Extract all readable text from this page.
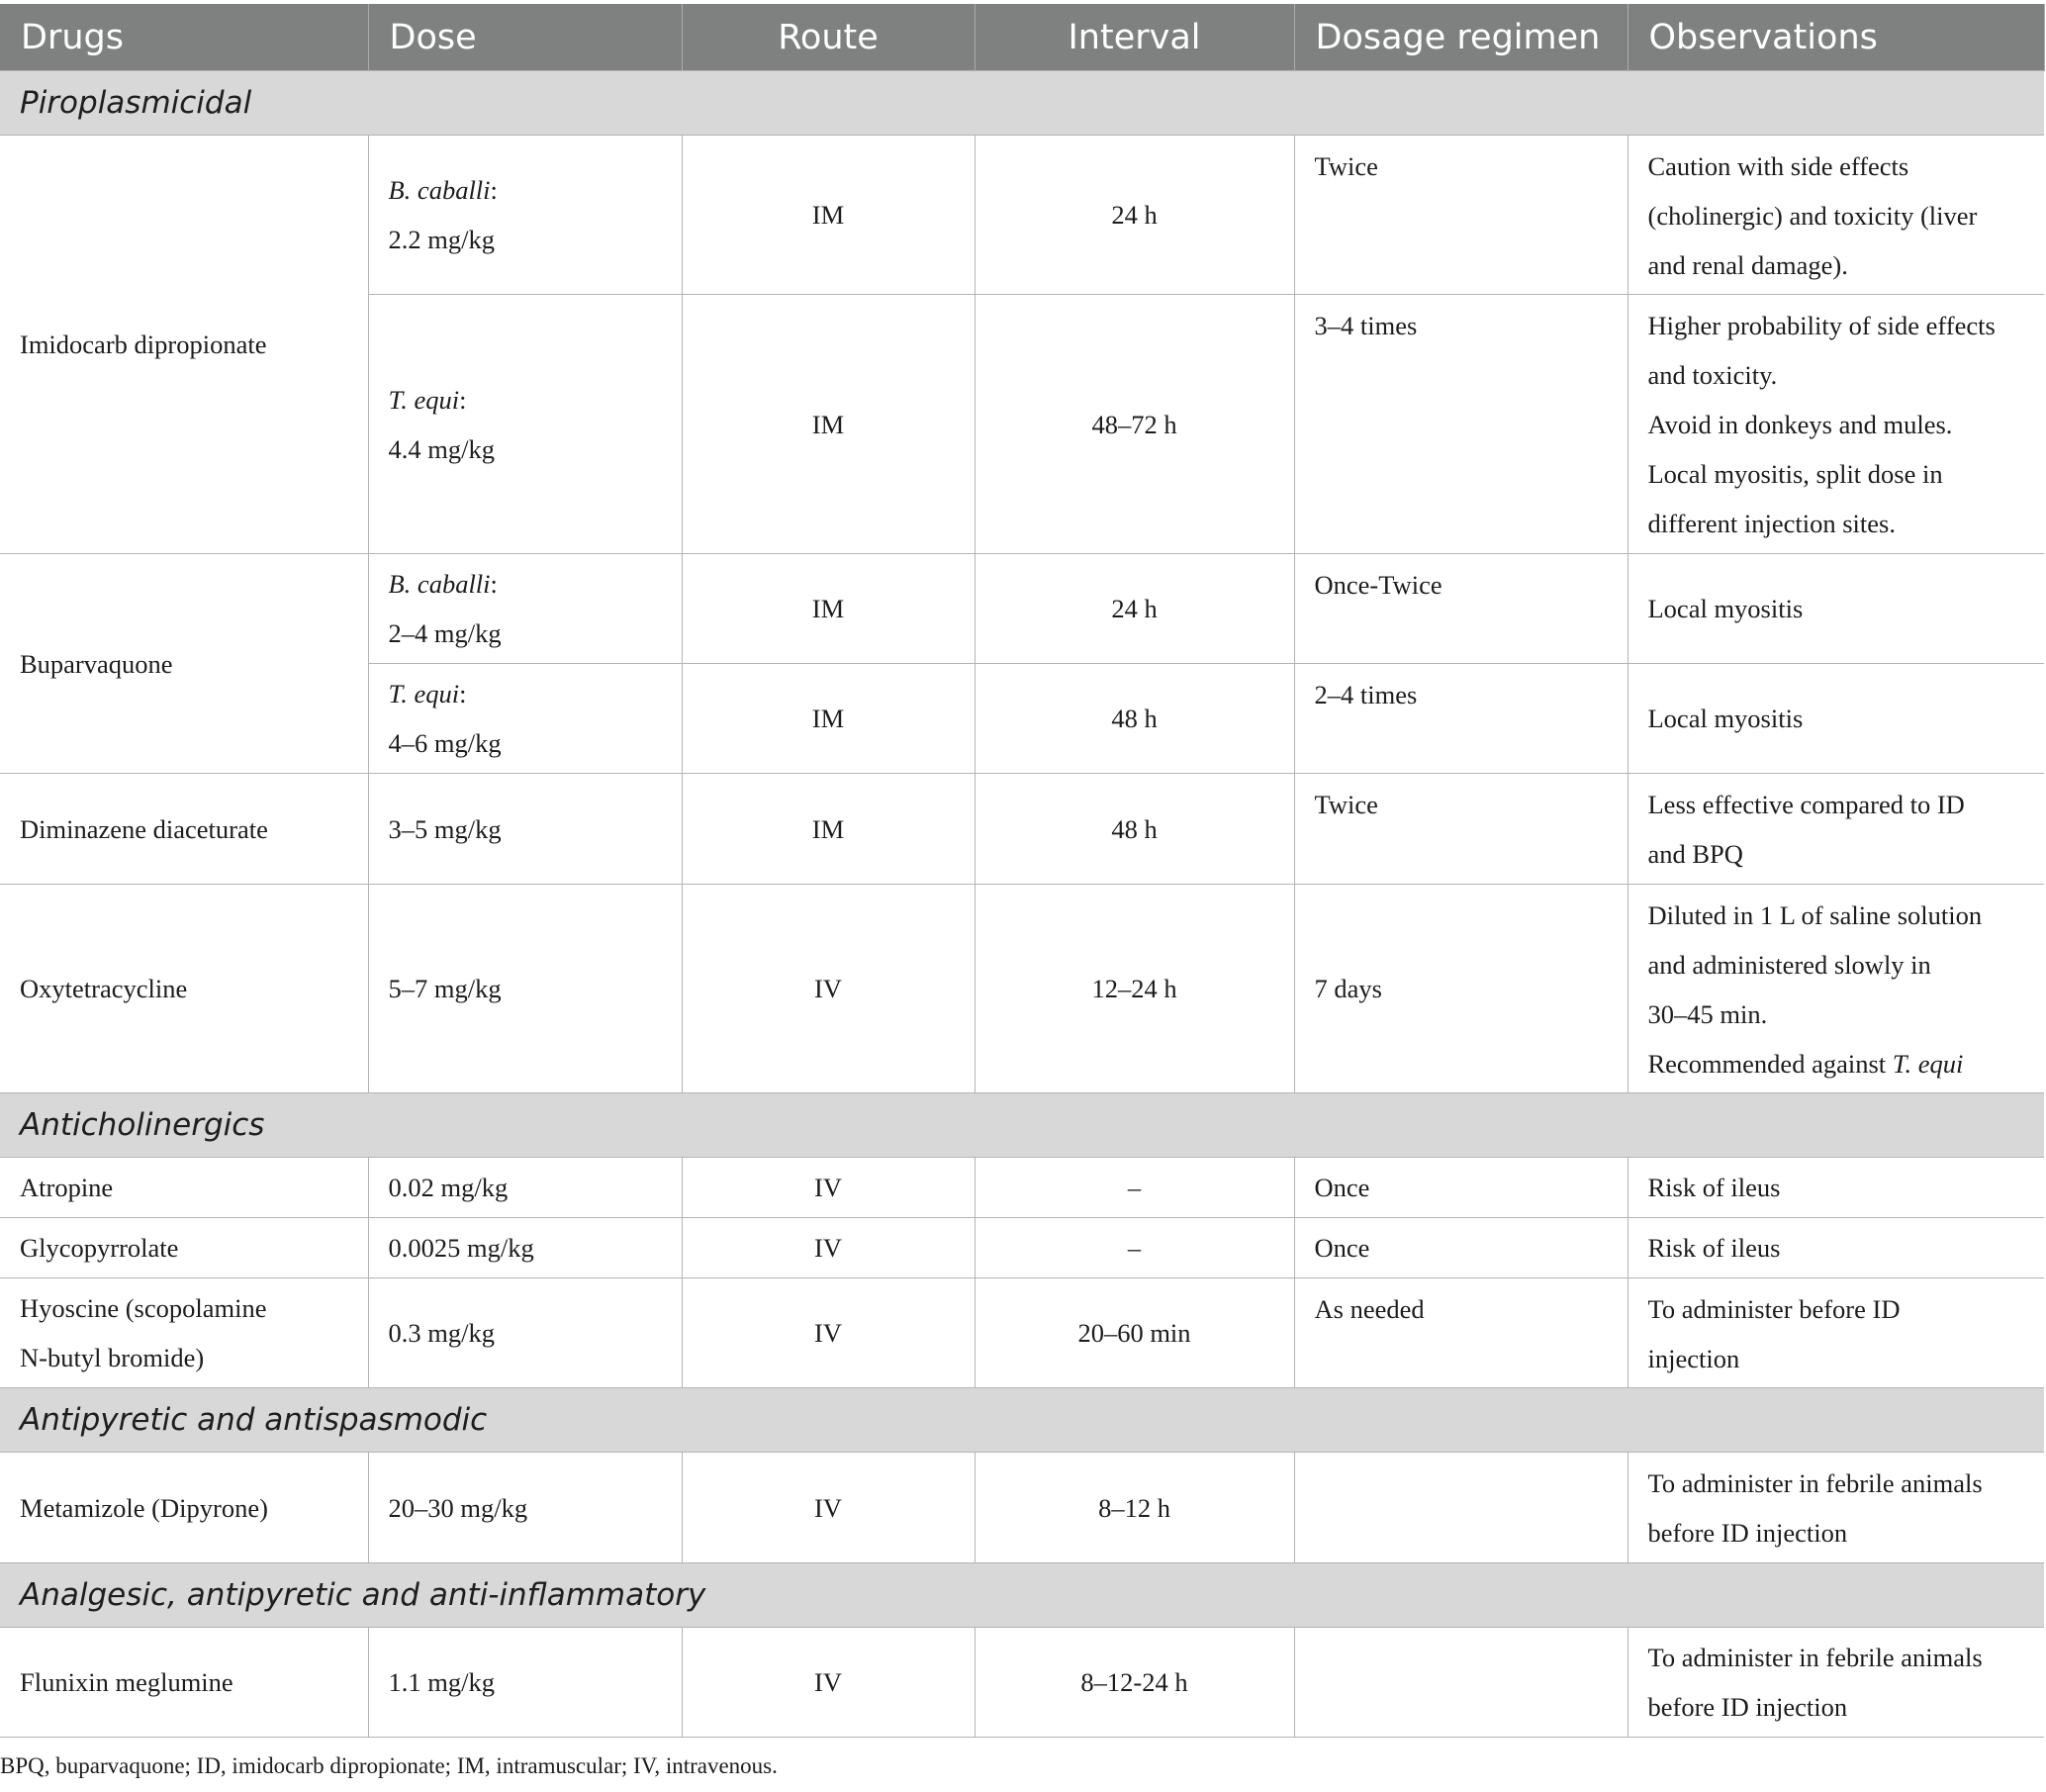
Drugs	Dose	Route	Interval	Dosage regimen	Observations
Piroplasmicidal					
Imidocarb dipropionate	B. caballi:
2.2 mg/kg	IM	24 h	Twice	Caution with side effects
(cholinergic) and toxicity (liver
and renal damage).

	T. equi:
4.4 mg/kg	IM	48–72 h	3–4 times	Higher probability of side effects
and toxicity.
Avoid in donkeys and mules.
Local myositis, split dose in
different injection sites.

Buparvaquone	B. caballi:
2–4 mg/kg	IM	24 h	Once-Twice	Local myositis

	T. equi:
4–6 mg/kg	IM	48 h	2–4 times	Local myositis
Diminazene diaceturate	3–5 mg/kg	IM	48 h	Twice	Less effective compared to ID
and BPQ

Oxytetracycline	5–7 mg/kg	IV	12–24 h	7 days	Diluted in 1 L of saline solution
and administered slowly in
30–45 min.
Recommended against T. equi

Anticholinergics					
Atropine	0.02 mg/kg	IV	–	Once	Risk of ileus
Glycopyrrolate	0.0025 mg/kg	IV	–	Once	Risk of ileus

Hyoscine (scopolamine
N-butyl bromide)	0.3 mg/kg	IV	20–60 min	As needed	To administer before ID
injection

Antipyretic and antispasmodic					
Metamizole (Dipyrone)	20–30 mg/kg	IV	8–12 h		To administer in febrile animals
before ID injection

Analgesic, antipyretic and anti-inflammatory					
Flunixin meglumine	1.1 mg/kg	IV	8–12-24 h		To administer in febrile animals
before ID injection
BPQ, buparvaquone; ID, imidocarb dipropionate; IM, intramuscular; IV, intravenous.
